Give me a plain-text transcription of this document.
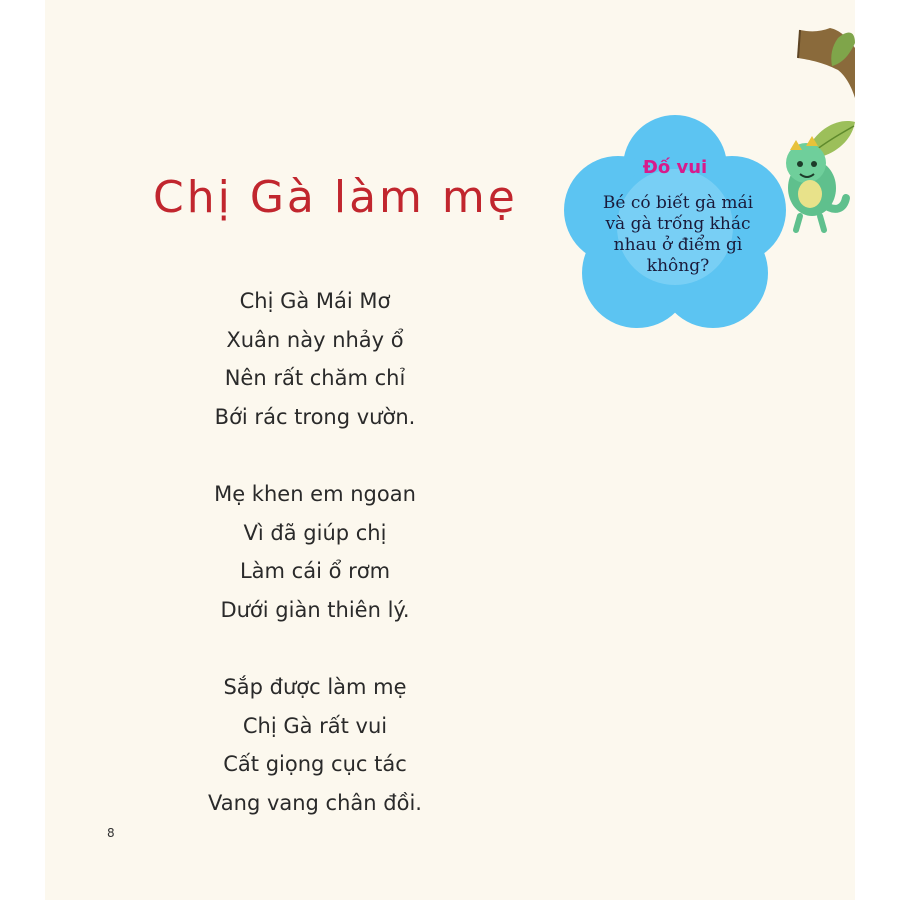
Chị Gà làm mẹ
Chị Gà Mái Mơ
Xuân này nhảy ổ
Nên rất chăm chỉ
Bới rác trong vườn.
Mẹ khen em ngoan
Vì đã giúp chị
Làm cái ổ rơm
Dưới giàn thiên lý.
Sắp được làm mẹ
Chị Gà rất vui
Cất giọng cục tác
Vang vang chân đồi.
Đố vui
Bé có biết gà mái và gà trống khác nhau ở điểm gì không?
8
